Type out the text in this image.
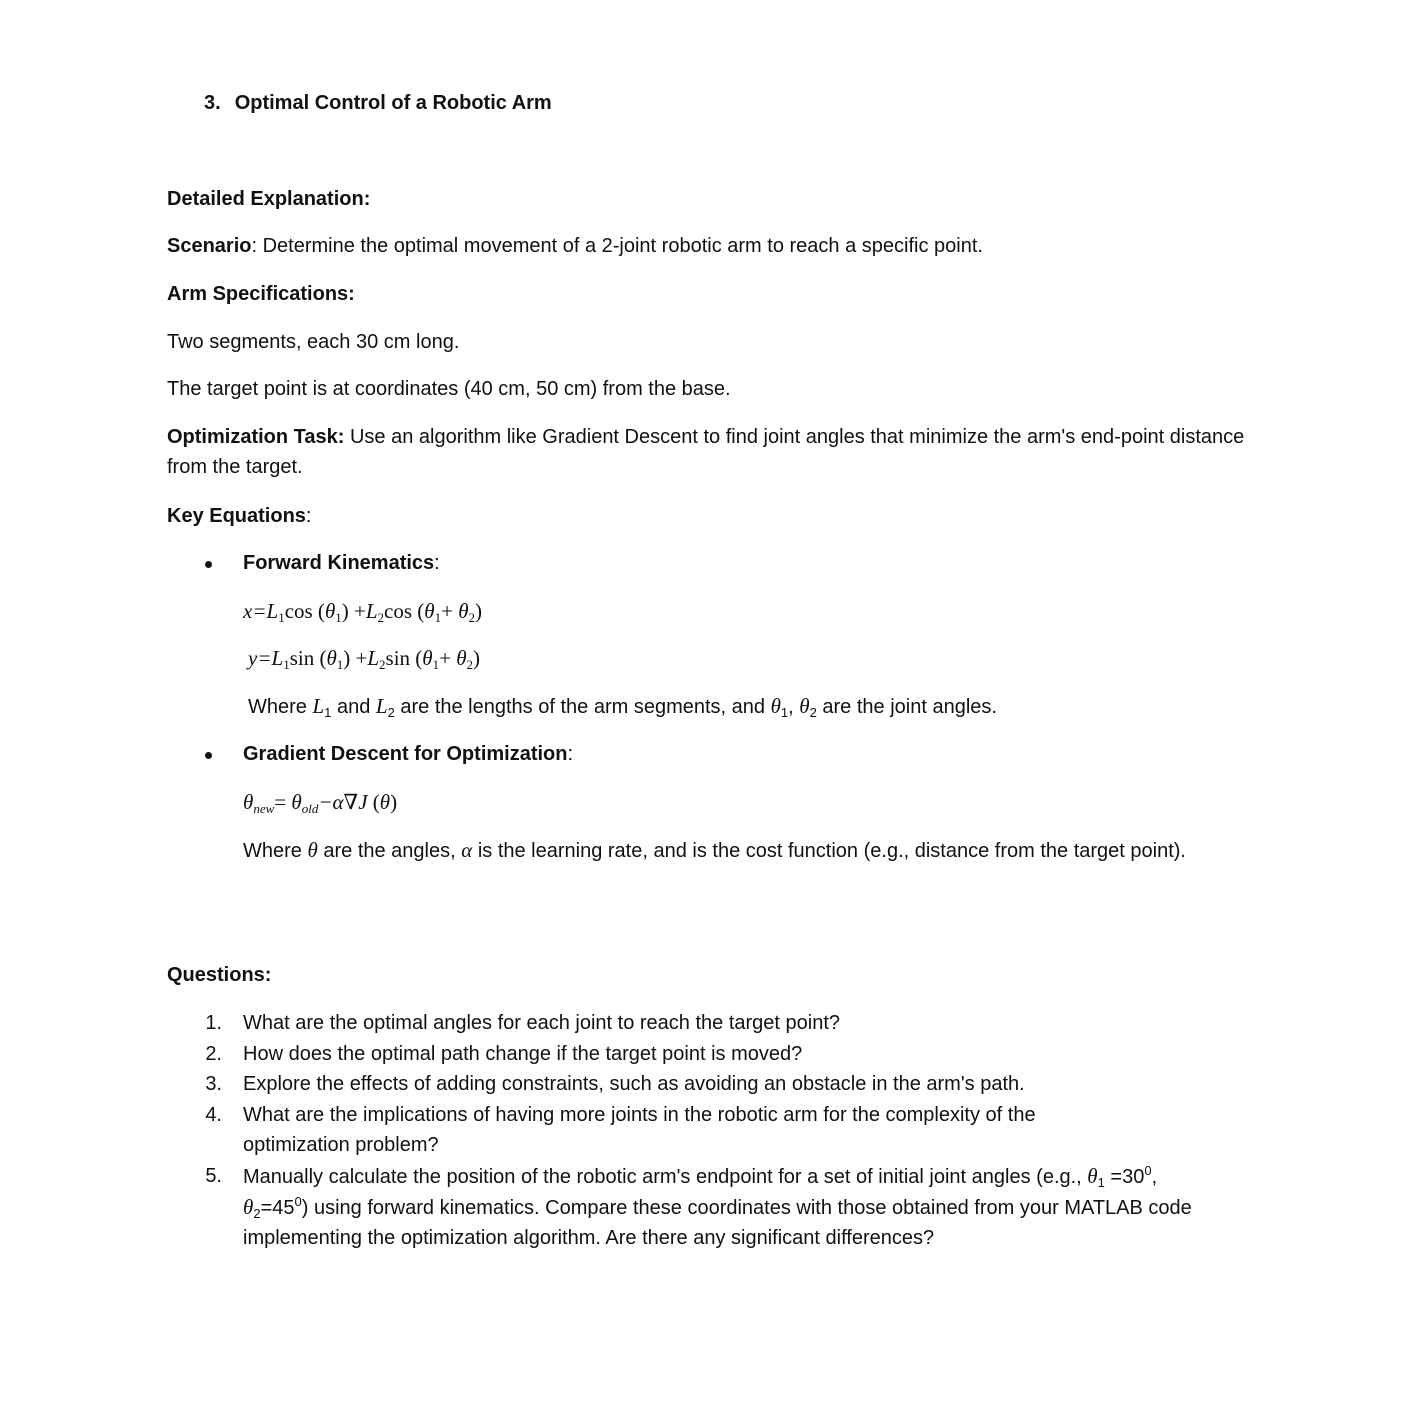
3. Optimal Control of a Robotic Arm
Detailed Explanation:
Scenario: Determine the optimal movement of a 2-joint robotic arm to reach a specific point.
Arm Specifications:
Two segments, each 30 cm long.
The target point is at coordinates (40 cm, 50 cm) from the base.
Optimization Task: Use an algorithm like Gradient Descent to find joint angles that minimize the arm's end-point distance from the target.
Key Equations:
Forward Kinematics:
$x=L_1\cos$ $(\theta_1) +L_2\cos$ $(\theta_1+ \theta_2)$
$y=L_1\sin$ $(\theta_1) +L_2\sin$ $(\theta_1+ \theta_2)$
Where $L_1$ and $L_2$ are the lengths of the arm segments, and $\theta_1$, $\theta_2$ are the joint angles.
Gradient Descent for Optimization:
$\theta_{new}= \theta_{old}-\alpha\nabla J$ (θ)
Where θ are the angles, α is the learning rate, and is the cost function (e.g., distance from the target point).
Questions:
1. What are the optimal angles for each joint to reach the target point?
2. How does the optimal path change if the target point is moved?
3. Explore the effects of adding constraints, such as avoiding an obstacle in the arm's path.
4. What are the implications of having more joints in the robotic arm for the complexity of the optimization problem?
5. Manually calculate the position of the robotic arm's endpoint for a set of initial joint angles (e.g., $\theta_1 =30^0$, $\theta_2=45^0$) using forward kinematics. Compare these coordinates with those obtained from your MATLAB code implementing the optimization algorithm. Are there any significant differences?
